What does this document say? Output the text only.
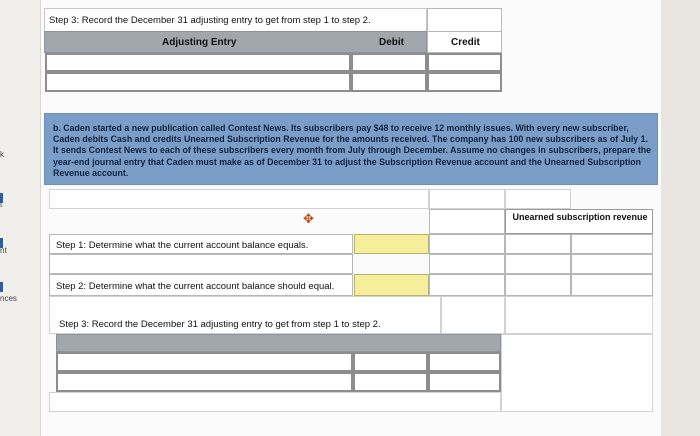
k
t
nt
nces
Step 3: Record the December 31 adjusting entry to get from step 1 to step 2.
Adjusting Entry	Debit	Credit
b. Caden started a new publication called Contest News. Its subscribers pay $48 to receive 12 monthly issues. With every new subscriber, Caden debits Cash and credits Unearned Subscription Revenue for the amounts received. The company has 100 new subscribers as of July 1. It sends Contest News to each of these subscribers every month from July through December. Assume no changes in subscribers, prepare the year-end journal entry that Caden must make as of December 31 to adjust the Subscription Revenue account and the Unearned Subscription Revenue account.
✥	Unearned subscription revenue
Step 1: Determine what the current account balance equals.
Step 2: Determine what the current account balance should equal.
Step 3: Record the December 31 adjusting entry to get from step 1 to step 2.
